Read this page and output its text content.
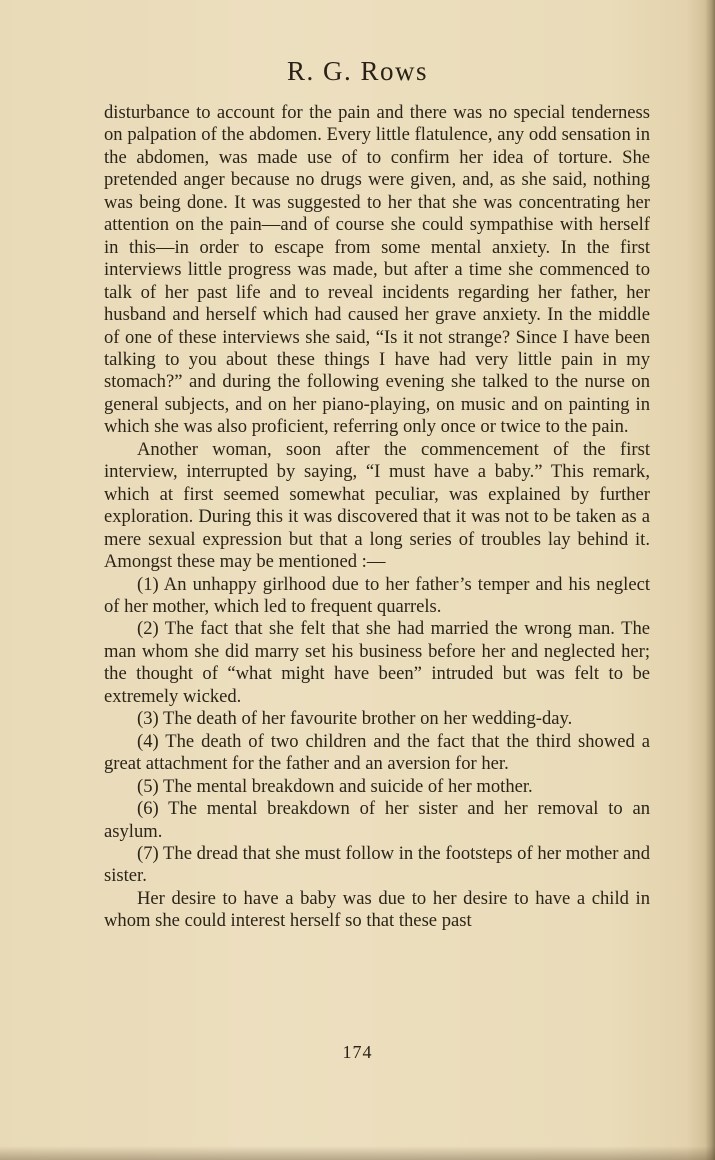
R. G. Rows

disturbance to account for the pain and there was no special tenderness on palpation of the abdomen. Every little flatulence, any odd sensation in the abdomen, was made use of to confirm her idea of torture. She pretended anger because no drugs were given, and, as she said, nothing was being done. It was suggested to her that she was concentrating her attention on the pain—and of course she could sympathise with herself in this—in order to escape from some mental anxiety. In the first interviews little progress was made, but after a time she commenced to talk of her past life and to reveal incidents regarding her father, her husband and herself which had caused her grave anxiety. In the middle of one of these interviews she said, “Is it not strange? Since I have been talking to you about these things I have had very little pain in my stomach?” and during the following evening she talked to the nurse on general subjects, and on her piano-playing, on music and on painting in which she was also proficient, referring only once or twice to the pain.

Another woman, soon after the commencement of the first interview, interrupted by saying, “I must have a baby.” This remark, which at first seemed somewhat peculiar, was explained by further exploration. During this it was discovered that it was not to be taken as a mere sexual expression but that a long series of troubles lay behind it. Amongst these may be mentioned :—

(1) An unhappy girlhood due to her father’s temper and his neglect of her mother, which led to frequent quarrels.

(2) The fact that she felt that she had married the wrong man. The man whom she did marry set his business before her and neglected her; the thought of “what might have been” intruded but was felt to be extremely wicked.

(3) The death of her favourite brother on her wedding-day.

(4) The death of two children and the fact that the third showed a great attachment for the father and an aversion for her.

(5) The mental breakdown and suicide of her mother.

(6) The mental breakdown of her sister and her removal to an asylum.

(7) The dread that she must follow in the footsteps of her mother and sister.

Her desire to have a baby was due to her desire to have a child in whom she could interest herself so that these past

174
